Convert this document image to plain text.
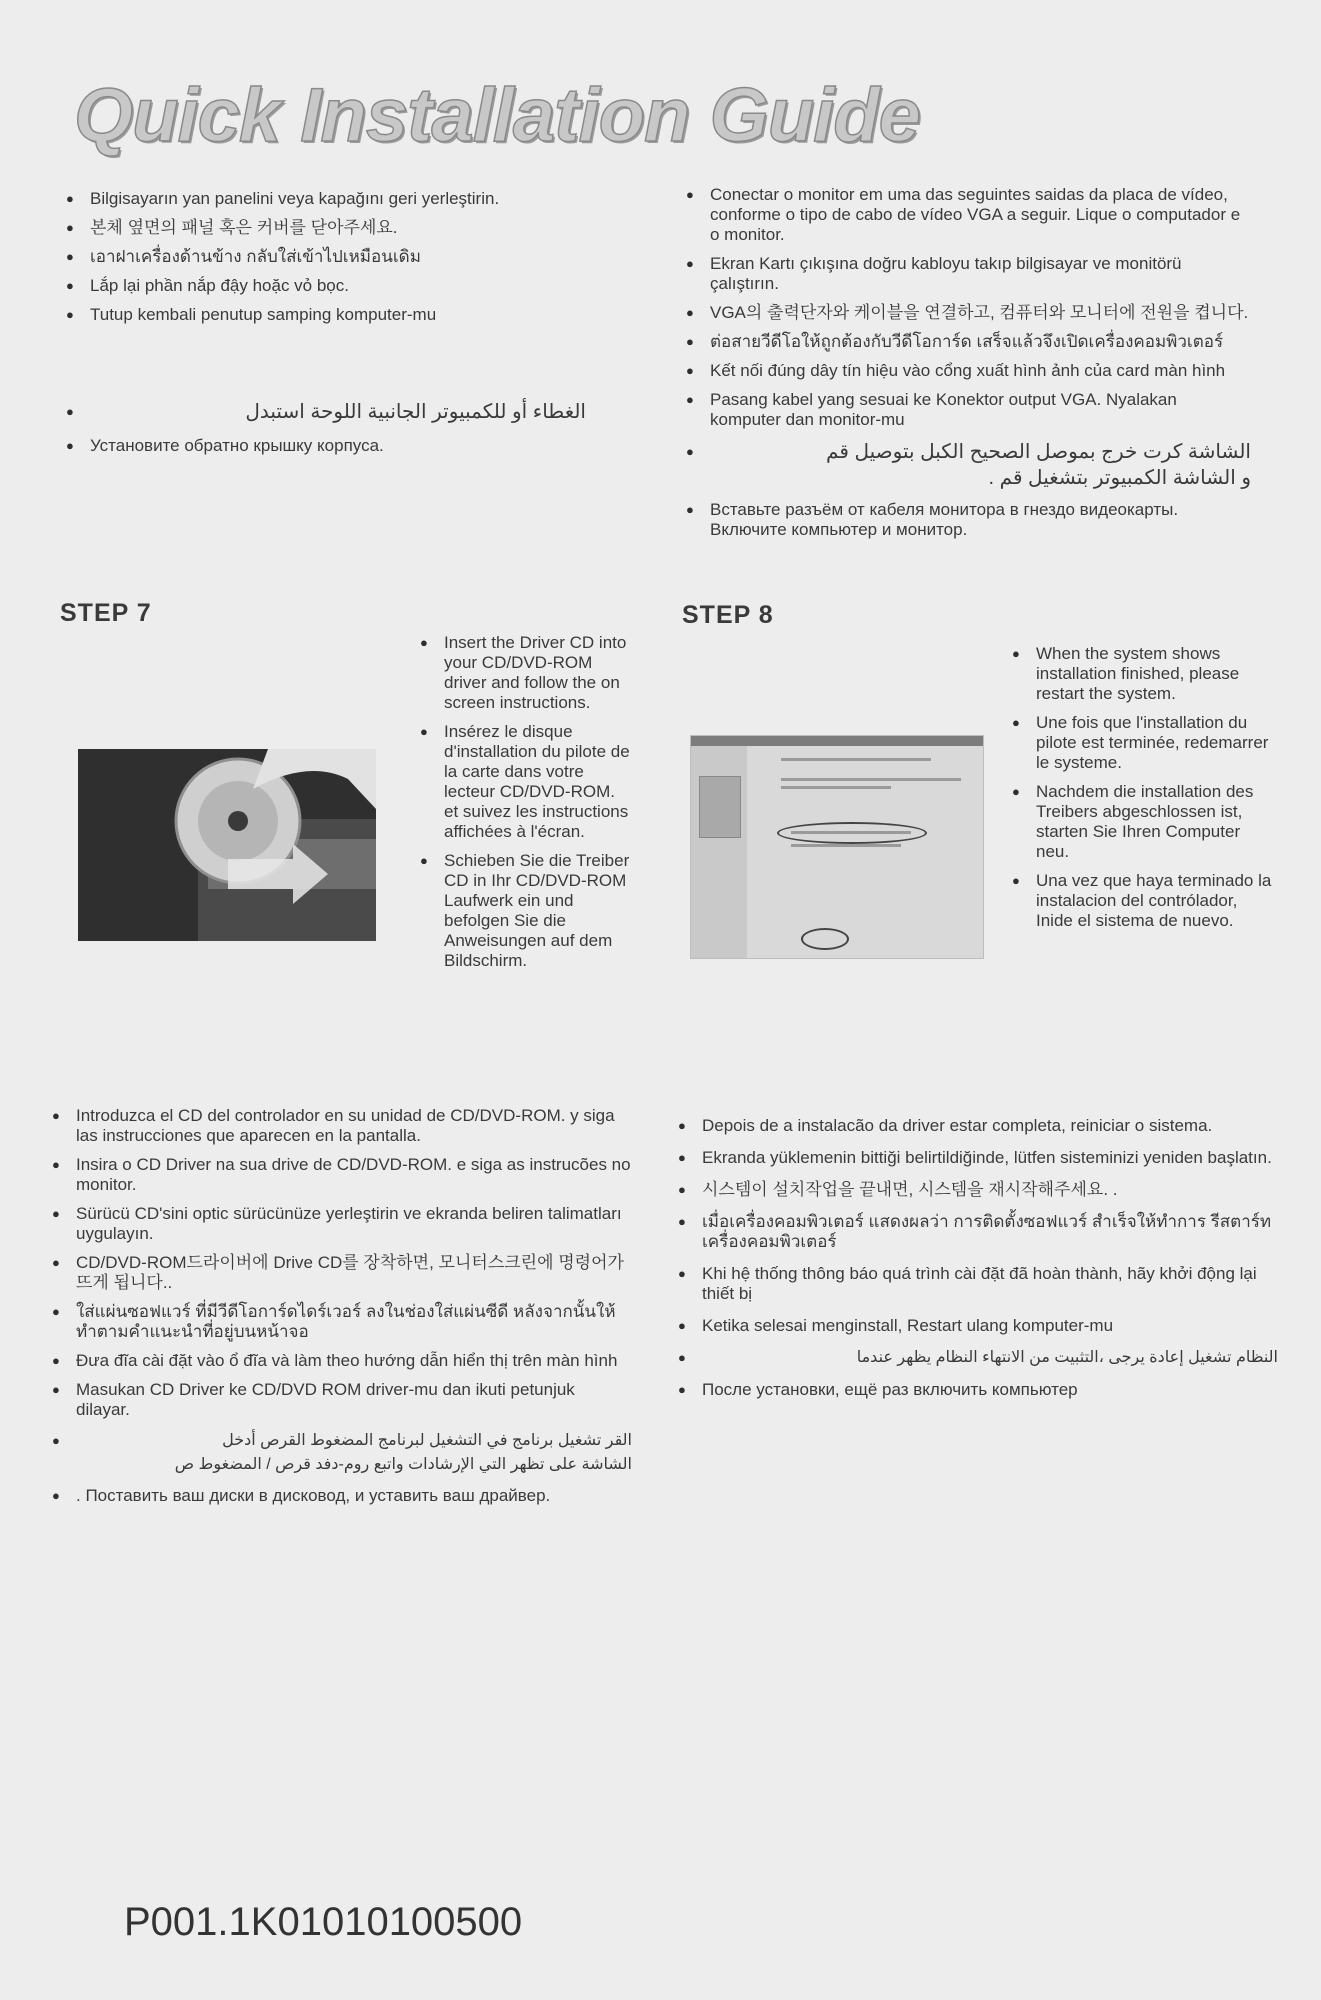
Quick Installation Guide
● Bilgisayarın yan panelini veya kapağını geri yerleştirin.
● 본체 옆면의 패널 혹은 커버를 닫아주세요.
● เอาฝาเครื่องด้านข้าง กลับใส่เข้าไปเหมือนเดิม
● Lắp lại phần nắp đậy hoặc vỏ bọc.
● Tutup kembali penutup samping komputer-mu
● الغطاء أو للكمبيوتر الجانبية اللوحة استبدل
● Установите обратно крышку корпуса.
● Conectar o monitor em uma das seguintes saidas da placa de vídeo, conforme o tipo de cabo de vídeo VGA a seguir. Lique o computador e o monitor.
● Ekran Kartı çıkışına doğru kabloyu takıp bilgisayar ve monitörü çalıştırın.
● VGA의 출력단자와 케이블을 연결하고, 컴퓨터와 모니터에 전원을 켭니다.
● ต่อสายวีดีโอให้ถูกต้องกับวีดีโอการ์ด เสร็จแล้วจึงเปิดเครื่องคอมพิวเตอร์
● Kết nối đúng dây tín hiệu vào cổng xuất hình ảnh của card màn hình
● Pasang kabel yang sesuai ke Konektor output VGA. Nyalakan komputer dan monitor-mu
● الشاشة كرت خرج بموصل الصحيح الكبل بتوصيل قم
و الشاشة الكمبيوتر بتشغيل قم .
● Вставьте разъём от кабеля монитора в гнездо видеокарты. Включите компьютер и монитор.
STEP 7
● Insert the Driver CD into your CD/DVD-ROM driver and follow the on screen instructions.
● Insérez le disque d'installation du pilote de la carte dans votre lecteur CD/DVD-ROM. et suivez les instructions affichées à l'écran.
● Schieben Sie die Treiber CD in Ihr CD/DVD-ROM Laufwerk ein und befolgen Sie die Anweisungen auf dem Bildschirm.
STEP 8
● When the system shows installation finished, please restart the system.
● Une fois que l'installation du pilote est terminée, redemarrer le systeme.
● Nachdem die installation des Treibers abgeschlossen ist, starten Sie Ihren Computer neu.
● Una vez que haya terminado la instalacion del contrólador, Inide el sistema de nuevo.
● Introduzca el CD del controlador en su unidad de CD/DVD-ROM. y siga las instrucciones que aparecen en la pantalla.
● Insira o CD Driver na sua drive de CD/DVD-ROM. e siga as instrucões no monitor.
● Sürücü CD'sini optic sürücünüze yerleştirin ve ekranda beliren talimatları uygulayın.
● CD/DVD-ROM드라이버에 Drive CD를 장착하면, 모니터스크린에 명령어가 뜨게 됩니다..
● ใส่แผ่นซอฟแวร์ ที่มีวีดีโอการ์ดไดร์เวอร์ ลงในช่องใส่แผ่นซีดี หลังจากนั้นให้ทำตามคำแนะนำที่อยู่บนหน้าจอ
● Đưa đĩa cài đặt vào ổ đĩa và làm theo hướng dẫn hiển thị trên màn hình
● Masukan CD Driver ke CD/DVD ROM driver-mu dan ikuti petunjuk dilayar.
● القر تشغيل برنامج في التشغيل لبرنامج المضغوط القرص أدخل
الشاشة على تظهر التي الإرشادات واتبع روم-دفد قرص / المضغوط ص
● . Поставить ваш диски в дисковод, и уставить ваш драйвер.
● Depois de a instalacão da driver estar completa, reiniciar o sistema.
● Ekranda yüklemenin bittiği belirtildiğinde, lütfen sisteminizi yeniden başlatın.
● 시스템이 설치작업을 끝내면, 시스템을 재시작해주세요. .
● เมื่อเครื่องคอมพิวเตอร์ แสดงผลว่า การติดตั้งซอฟแวร์ สำเร็จให้ทำการ รีสตาร์ทเครื่องคอมพิวเตอร์
● Khi hệ thống thông báo quá trình cài đặt đã hoàn thành, hãy khởi động lại thiết bị
● Ketika selesai menginstall, Restart ulang komputer-mu
● النظام تشغيل إعادة يرجى ،التثبيت من الانتهاء النظام يظهر عندما
● После установки, ещё раз включить компьютер
P001.1K01010100500
